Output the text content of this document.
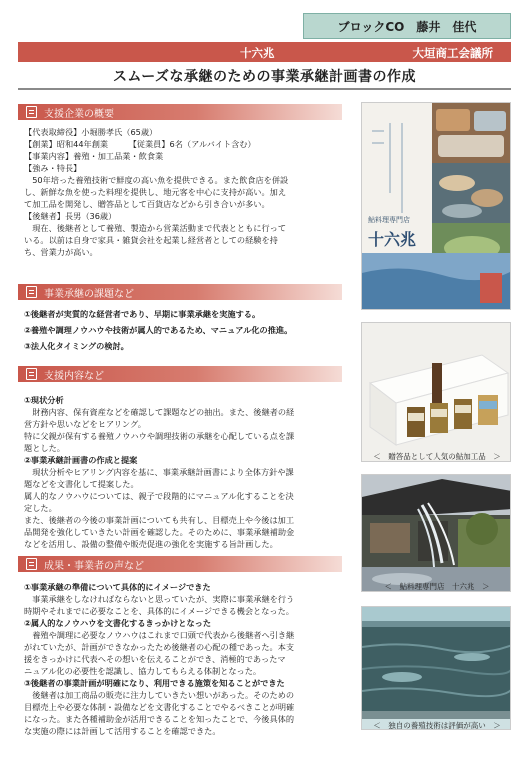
ブロックCO　藤井　佳代
十六兆	大垣商工会議所
スムーズな承継のための事業承継計画書の作成
支援企業の概要

【代表取締役】小堀勝孝氏（65歳）

【創業】昭和44年創業　　　【従業員】6名（アルバイト含む）

【事業内容】養殖・加工品業・飲食業

【強み・特長】

　50年培った養殖技術で鮮度の高い魚を提供できる。また飲食店を併設

し、新鮮な魚を使った料理を提供し、地元客を中心に支持が高い。加え

て加工品を開発し、贈答品として百貨店などから引き合いが多い。

【後継者】長男（36歳）

　現在、後継者として養殖、製造から営業活動まで代表とともに行って

いる。以前は自身で家具・雑貨会社を起業し経営者としての経験を持

ち、営業力が高い。

事業承継の課題など

①後継者が実質的な経営者であり、早期に事業承継を実施する。

②養殖や調理ノウハウや技術が属人的であるため、マニュアル化の推進。

③法人化タイミングの検討。

支援内容など

①現状分析

　財務内容、保有資産などを確認して課題などの抽出。また、後継者の経

営方針や思いなどをヒアリング。

特に父親が保有する養殖ノウハウや調理技術の承継を心配している点を課

題とした。

②事業承継計画書の作成と提案

　現状分析やヒアリング内容を基に、事業承継計画書により全体方針や課

題などを文書化して提案した。

属人的なノウハウについては、親子で段階的にマニュアル化することを決

定した。

また、後継者の今後の事業計画についても共有し、目標売上や今後は加工

品開発を強化していきたい計画を確認した。そのために、事業承継補助金

などを活用し、設備の整備や販売促進の強化を実施する旨計画した。

成果・事業者の声など

①事業承継の準備について具体的にイメージできた

　事業承継をしなければならないと思っていたが、実際に事業承継を行う

時期やそれまでに必要なことを、具体的にイメージできる機会となった。

②属人的なノウハウを文書化するきっかけとなった

　養殖や調理に必要なノウハウはこれまで口頭で代表から後継者へ引き継

がれていたが、計画ができなかったため後継者の心配の種であった。本支

援をきっかけに代表へその想いを伝えることができ、消極的であったマ

ニュアル化の必要性を認識し、協力してもらえる体制となった。

③後継者の事業計画が明確になり、利用できる施策を知ることができた

　後継者は加工商品の販売に注力していきたい想いがあった。そのための

目標売上や必要な体制・設備などを文書化することでやるべきことが明確

になった。また各種補助金が活用できることを知ったことで、今後具体的

な実施の際には計画して活用することを確認できた。

鮎料理専門店
十六兆
＜　贈答品として人気の鮎加工品　＞
＜　鮎料理専門店　十六兆　＞
＜　独自の養殖技術は評価が高い　＞
